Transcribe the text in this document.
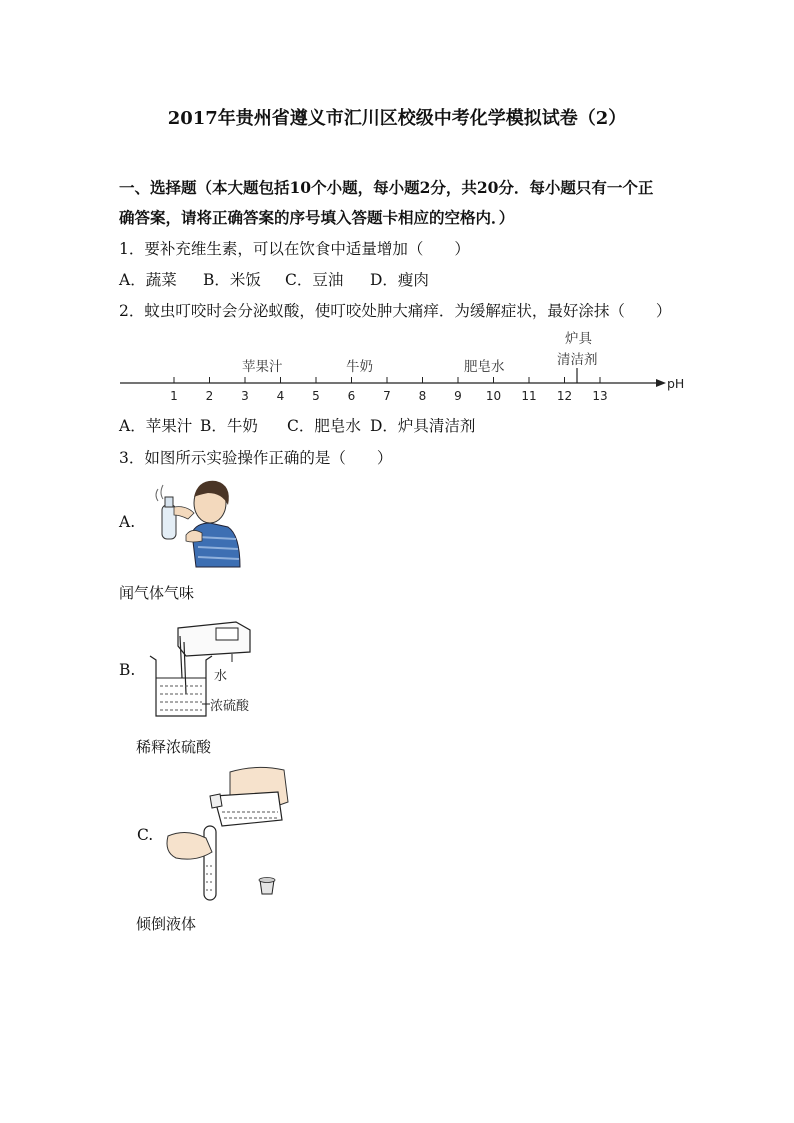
2017年贵州省遵义市汇川区校级中考化学模拟试卷（2）
一、选择题（本大题包括10个小题，每小题2分，共20分．每小题只有一个正
确答案，请将正确答案的序号填入答题卡相应的空格内．）
1．要补充维生素，可以在饮食中适量增加（　　）
A．蔬菜 B．米饭 C．豆油 D．瘦肉
2．蚊虫叮咬时会分泌蚁酸，使叮咬处肿大痛痒．为缓解症状，最好涂抹（　　）
1 2 3 4 5 6 7 8 9 10 11 12 13
苹果汁	牛奶	肥皂水
炉具
清洁剂
pH
A．苹果汁 B．牛奶 C．肥皂水 D．炉具清洁剂
3．如图所示实验操作正确的是（　　）
A.
闻气体气味
B.	水
浓硫酸
稀释浓硫酸
C.
倾倒液体
